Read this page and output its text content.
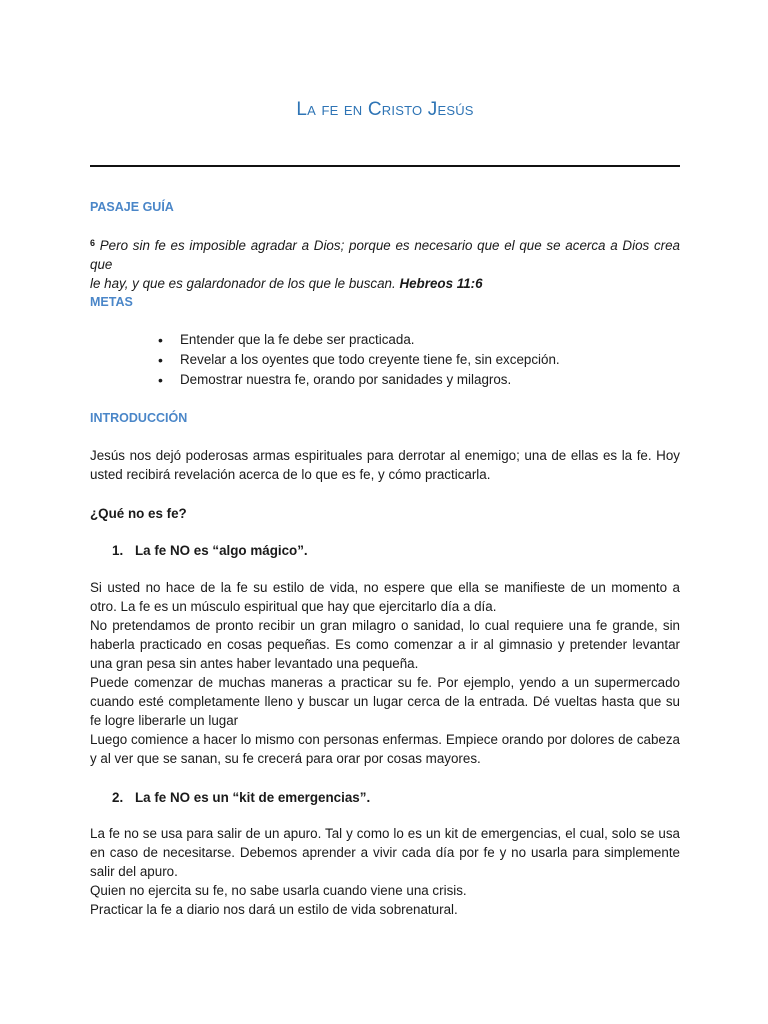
La fe en Cristo Jesús
PASAJE GUÍA
$^6$ Pero sin fe es imposible agradar a Dios; porque es necesario que el que se acerca a Dios crea que
le hay, y que es galardonador de los que le buscan. Hebreos 11:6
METAS
• Entender que la fe debe ser practicada.
• Revelar a los oyentes que todo creyente tiene fe, sin excepción.
• Demostrar nuestra fe, orando por sanidades y milagros.
INTRODUCCIÓN
Jesús nos dejó poderosas armas espirituales para derrotar al enemigo; una de ellas es la fe. Hoy
usted recibirá revelación acerca de lo que es fe, y cómo practicarla.
¿Qué no es fe?
1. La fe NO es “algo mágico”.
Si usted no hace de la fe su estilo de vida, no espere que ella se manifieste de un momento a
otro. La fe es un músculo espiritual que hay que ejercitarlo día a día.
No pretendamos de pronto recibir un gran milagro o sanidad, lo cual requiere una fe grande, sin
haberla practicado en cosas pequeñas. Es como comenzar a ir al gimnasio y pretender levantar
una gran pesa sin antes haber levantado una pequeña.
Puede comenzar de muchas maneras a practicar su fe. Por ejemplo, yendo a un supermercado
cuando esté completamente lleno y buscar un lugar cerca de la entrada. Dé vueltas hasta que su
fe logre liberarle un lugar
Luego comience a hacer lo mismo con personas enfermas. Empiece orando por dolores de cabeza
y al ver que se sanan, su fe crecerá para orar por cosas mayores.
2. La fe NO es un “kit de emergencias”.
La fe no se usa para salir de un apuro. Tal y como lo es un kit de emergencias, el cual, solo se usa
en caso de necesitarse. Debemos aprender a vivir cada día por fe y no usarla para simplemente
salir del apuro.
Quien no ejercita su fe, no sabe usarla cuando viene una crisis.
Practicar la fe a diario nos dará un estilo de vida sobrenatural.
